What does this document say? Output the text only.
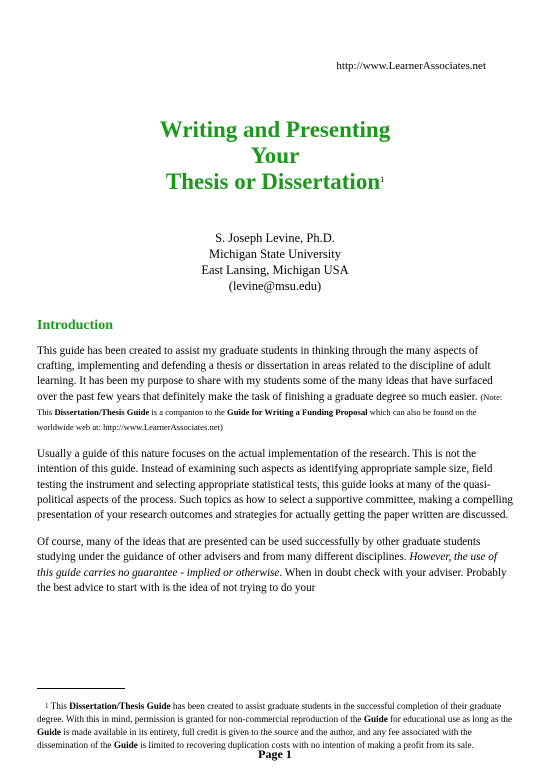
http://www.LearnerAssociates.net
Writing and Presenting
Your
Thesis or Dissertation$^1$
S. Joseph Levine, Ph.D.
Michigan State University
East Lansing, Michigan USA
(levine@msu.edu)
Introduction

This guide has been created to assist my graduate students in thinking through the many aspects of crafting, implementing and defending a thesis or dissertation in areas related to the discipline of adult learning. It has been my purpose to share with my students some of the many ideas that have surfaced over the past few years that definitely make the task of finishing a graduate degree so much easier. (Note: This Dissertation/Thesis Guide is a companion to the Guide for Writing a Funding Proposal which can also be found on the worldwide web at: http://www.LearnerAssociates.net)

Usually a guide of this nature focuses on the actual implementation of the research. This is not the intention of this guide. Instead of examining such aspects as identifying appropriate sample size, field testing the instrument and selecting appropriate statistical tests, this guide looks at many of the quasi-political aspects of the process. Such topics as how to select a supportive committee, making a compelling presentation of your research outcomes and strategies for actually getting the paper written are discussed.

Of course, many of the ideas that are presented can be used successfully by other graduate students studying under the guidance of other advisers and from many different disciplines. However, the use of this guide carries no guarantee - implied or otherwise. When in doubt check with your adviser. Probably the best advice to start with is the idea of not trying to do your

$^1$ This Dissertation/Thesis Guide has been created to assist graduate students in the successful completion of their graduate degree. With this in mind, permission is granted for non-commercial reproduction of the Guide for educational use as long as the Guide is made available in its entirety, full credit is given to the source and the author, and any fee associated with the dissemination of the Guide is limited to recovering duplication costs with no intention of making a profit from its sale.
Page 1
